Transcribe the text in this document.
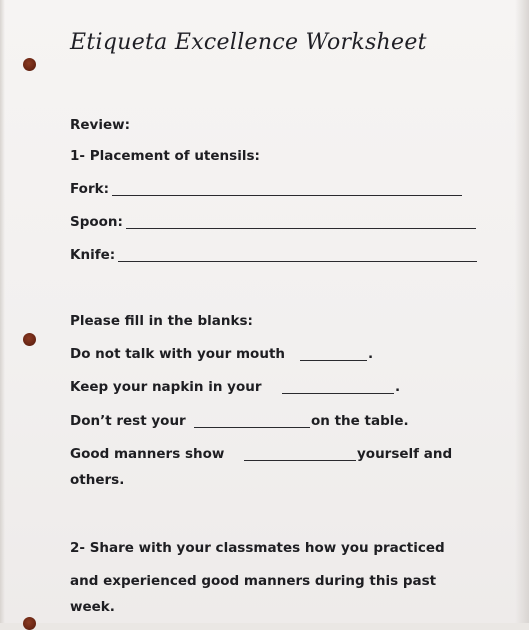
Etiqueta Excellence Worksheet

Review:

1- Placement of utensils:

Fork:

Spoon:

Knife:

Please fill in the blanks:

Do not talk with your mouth	.

Keep your napkin in your	.

Don’t rest your	on the table.

Good manners show	yourself and

others.

2- Share with your classmates how you practiced

and experienced good manners during this past

week.
